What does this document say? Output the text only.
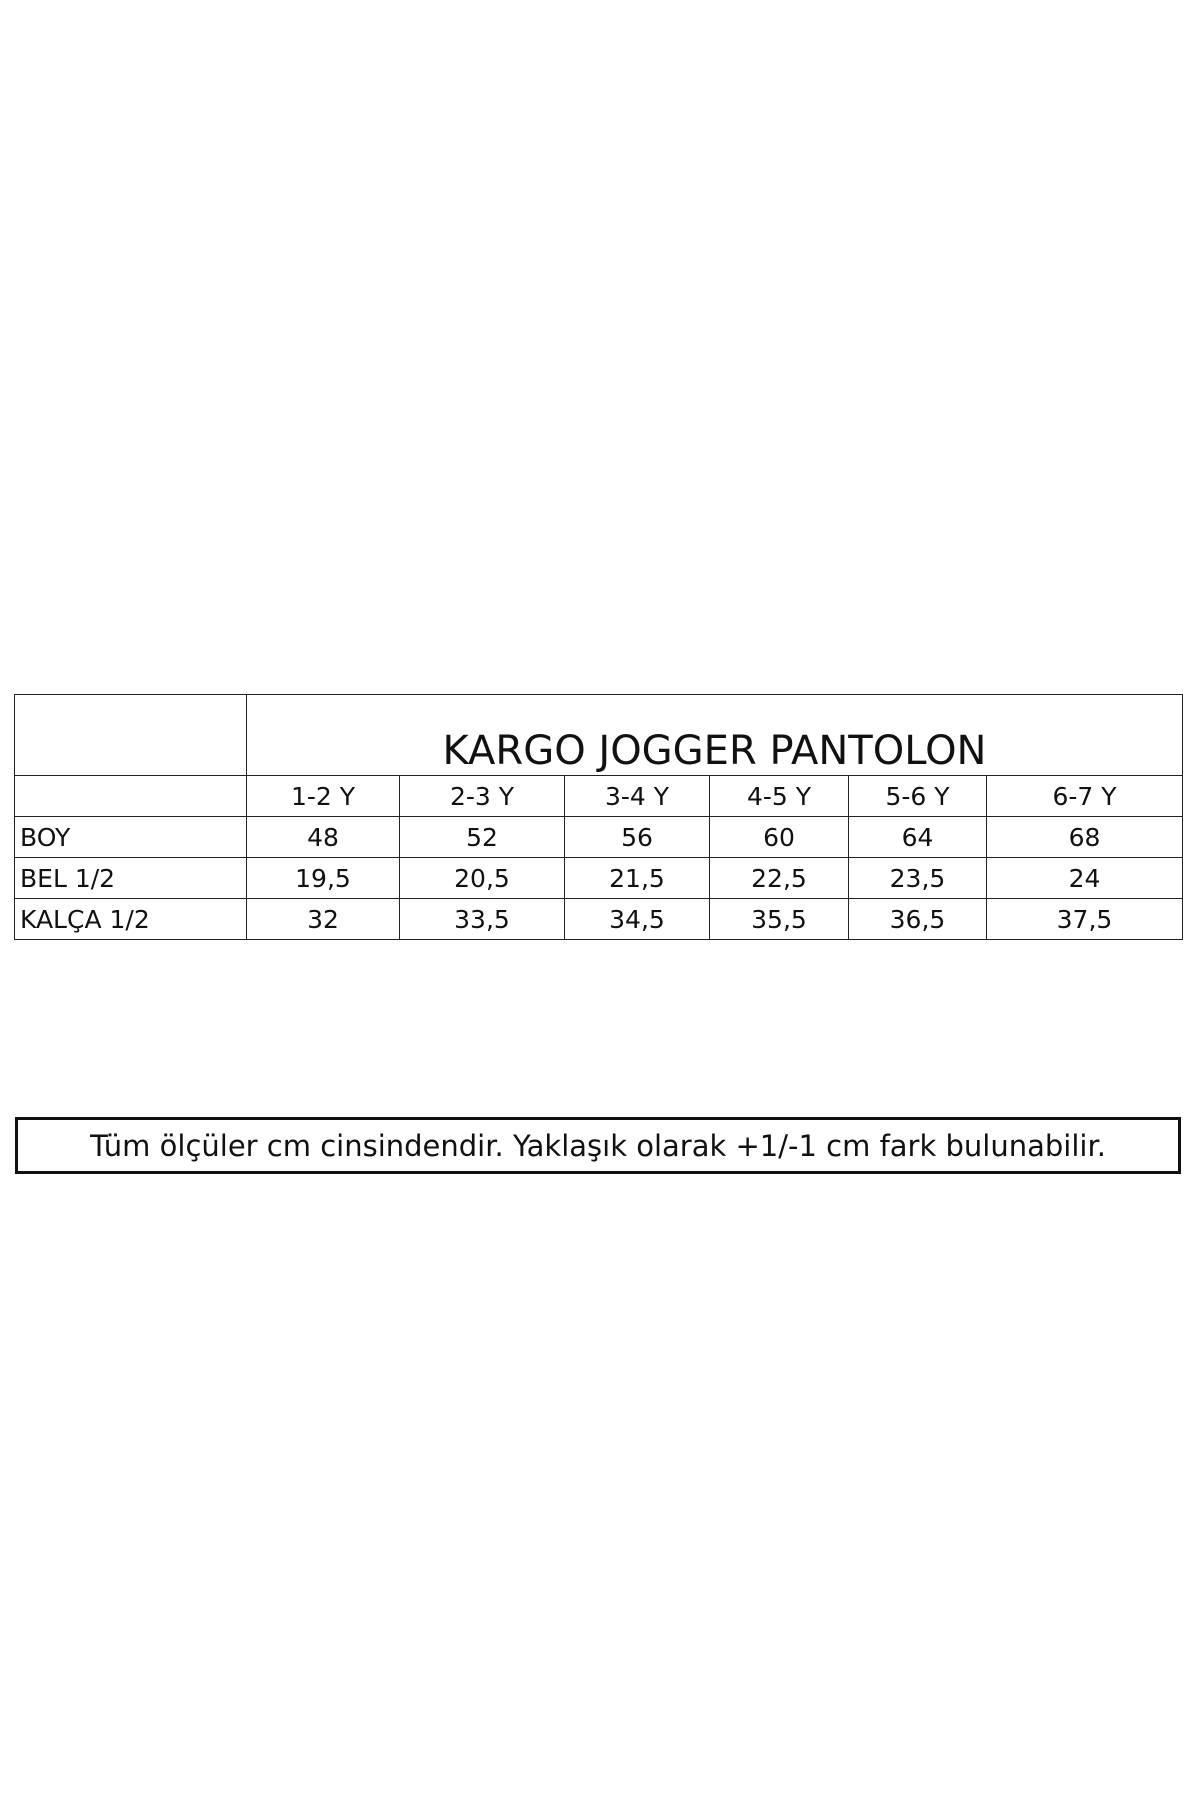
	KARGO JOGGER PANTOLON					
	1-2 Y	2-3 Y	3-4 Y	4-5 Y	5-6 Y	6-7 Y
BOY	48	52	56	60	64	68
BEL 1/2	19,5	20,5	21,5	22,5	23,5	24
KALÇA 1/2	32	33,5	34,5	35,5	36,5	37,5
Tüm ölçüler cm cinsindendir. Yaklaşık olarak +1/-1 cm fark bulunabilir.
